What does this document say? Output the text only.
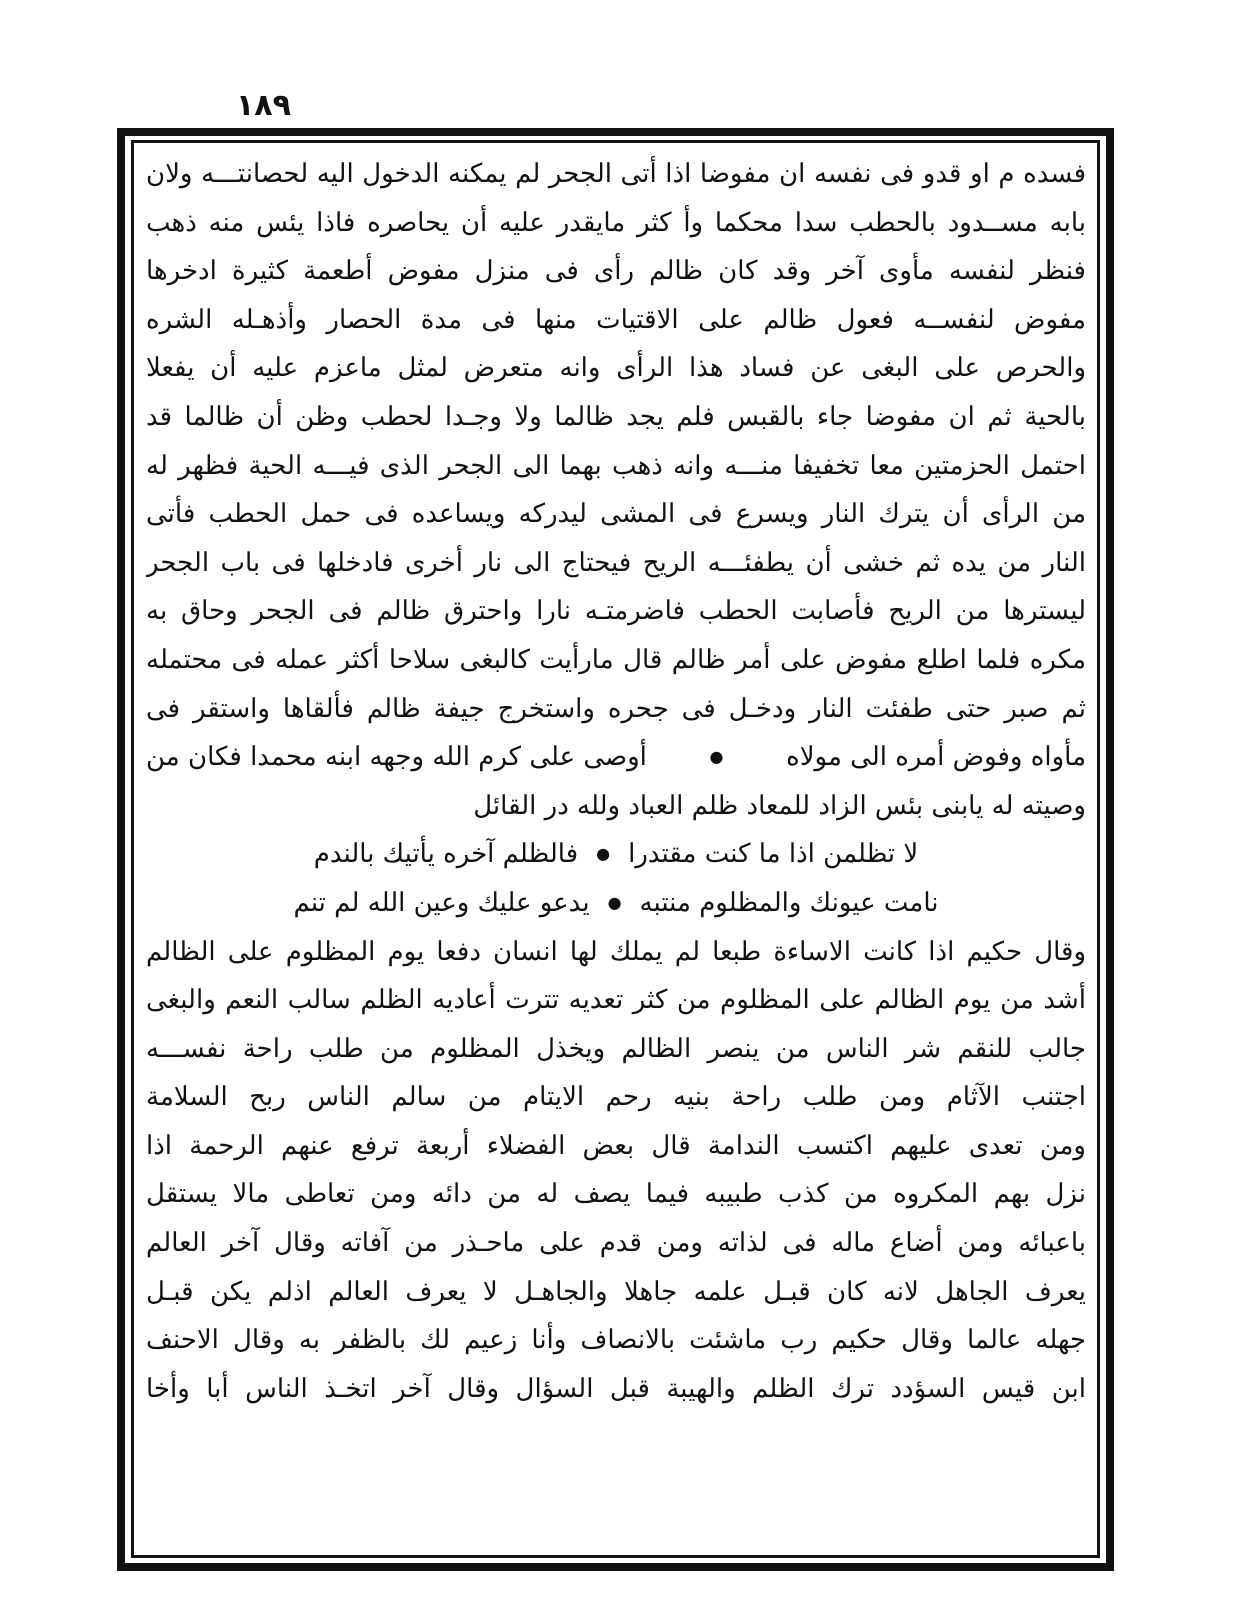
١٨٩
فسده م او قدو فى نفسه ان مفوضا اذا أتى الجحر لم يمكنه الدخول اليه لحصانتـــه ولان
بابه مســدود بالحطب سدا محكما وأ كثر مايقدر عليه أن يحاصره فاذا يئس منه ذهب
فنظر لنفسه مأوى آخر وقد كان ظالم رأى فى منزل مفوض أطعمة كثيرة ادخرها
مفوض لنفســه فعول ظالم على الاقتيات منها فى مدة الحصار وأذهـله الشره
والحرص على البغى عن فساد هذا الرأى وانه متعرض لمثل ماعزم عليه أن يفعلا
بالحية ثم ان مفوضا جاء بالقبس فلم يجد ظالما ولا وجـدا لحطب وظن أن ظالما قد
احتمل الحزمتين معا تخفيفا منـــه وانه ذهب بهما الى الجحر الذى فيـــه الحية فظهر له
من الرأى أن يترك النار ويسرع فى المشى ليدركه ويساعده فى حمل الحطب فأتى
النار من يده ثم خشى أن يطفئـــه الريح فيحتاج الى نار أخرى فادخلها فى باب الجحر
ليسترها من الريح فأصابت الحطب فاضرمتـه نارا واحترق ظالم فى الجحر وحاق به
مكره فلما اطلع مفوض على أمر ظالم قال مارأيت كالبغى سلاحا أكثر عمله فى محتمله
ثم صبر حتى طفئت النار ودخـل فى جحره واستخرج جيفة ظالم فألقاها واستقر فى
مأواه وفوض أمره الى مولاه
●
أوصى على كرم الله وجهه ابنه محمدا فكان من
وصيته له يابنى بئس الزاد للمعاد ظلم العباد ولله در القائل
لا تظلمن اذا ما كنت مقتدرا
●
فالظلم آخره يأتيك بالندم
نامت عيونك والمظلوم منتبه
●
يدعو عليك وعين الله لم تنم
وقال حكيم اذا كانت الاساءة طبعا لم يملك لها انسان دفعا يوم المظلوم على الظالم
أشد من يوم الظالم على المظلوم من كثر تعديه تترت أعاديه الظلم سالب النعم والبغى
جالب للنقم شر الناس من ينصر الظالم ويخذل المظلوم من طلب راحة نفســـه
اجتنب الآثام ومن طلب راحة بنيه رحم الايتام من سالم الناس ربح السلامة
ومن تعدى عليهم اكتسب الندامة قال بعض الفضلاء أربعة ترفع عنهم الرحمة اذا
نزل بهم المكروه من كذب طبيبه فيما يصف له من دائه ومن تعاطى مالا يستقل
باعبائه ومن أضاع ماله فى لذاته ومن قدم على ماحـذر من آفاته وقال آخر العالم
يعرف الجاهل لانه كان قبـل علمه جاهلا والجاهـل لا يعرف العالم اذلم يكن قبـل
جهله عالما وقال حكيم رب ماشئت بالانصاف وأنا زعيم لك بالظفر به وقال الاحنف
ابن قيس السؤدد ترك الظلم والهيبة قبل السؤال وقال آخر اتخـذ الناس أبا وأخا
